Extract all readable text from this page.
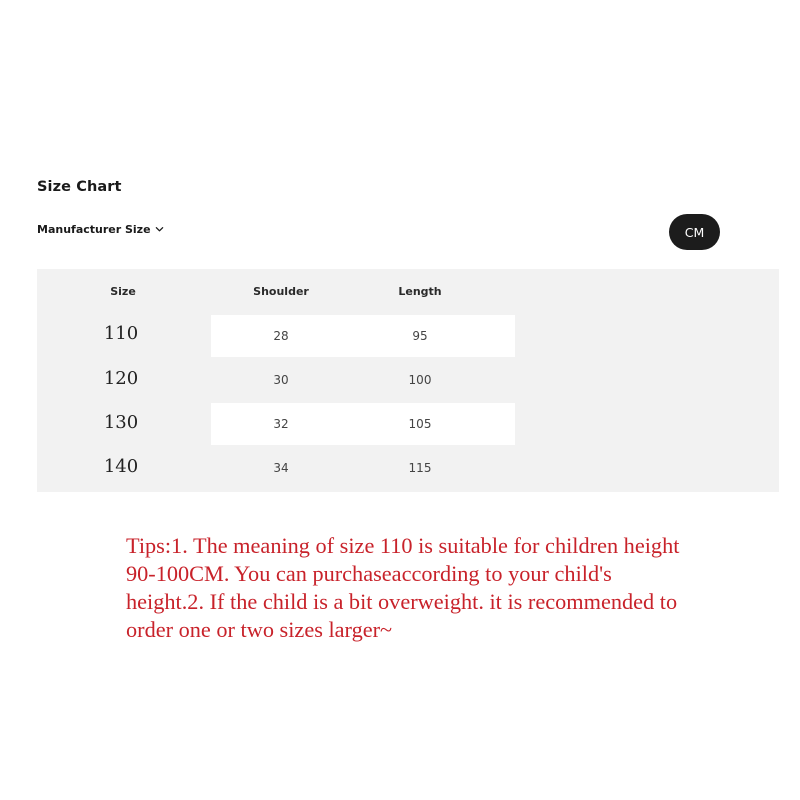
Size Chart
Manufacturer Size	CM
Size	Shoulder	Length
110	28	95
120	30	100
130	32	105
140	34	115
Tips:1. The meaning of size 110 is suitable for children height 90-100CM. You can purchaseaccording to your child's height.2. If the child is a bit overweight. it is recommended to order one or two sizes larger~
